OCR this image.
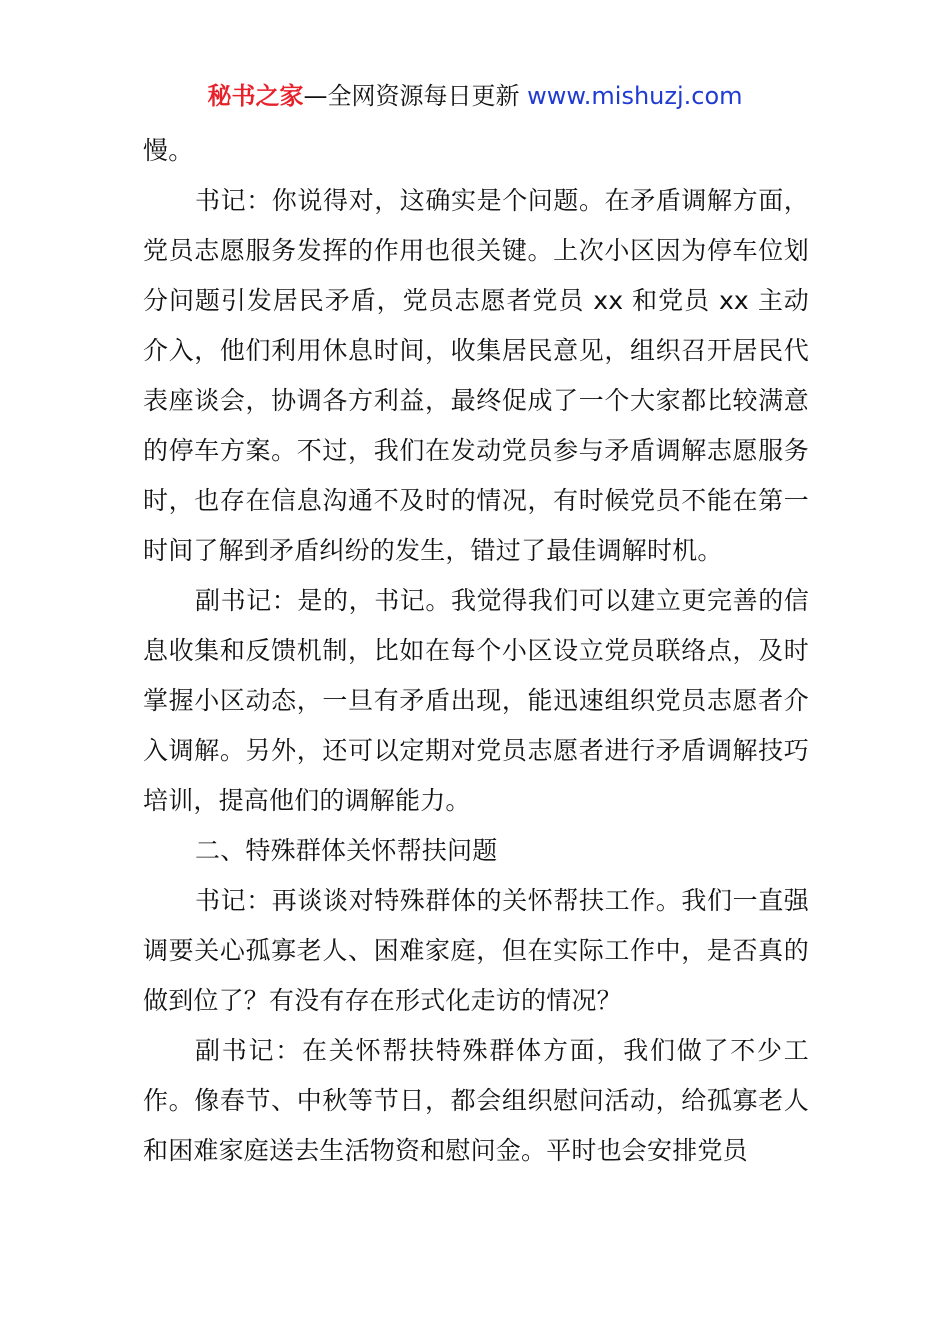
秘书之家—全网资源每日更新 www.mishuzj.com

慢。

书记：你说得对，这确实是个问题。在矛盾调解方面，党员志愿服务发挥的作用也很关键。上次小区因为停车位划分问题引发居民矛盾，党员志愿者党员 xx 和党员 xx 主动介入，他们利用休息时间，收集居民意见，组织召开居民代表座谈会，协调各方利益，最终促成了一个大家都比较满意的停车方案。不过，我们在发动党员参与矛盾调解志愿服务时，也存在信息沟通不及时的情况，有时候党员不能在第一时间了解到矛盾纠纷的发生，错过了最佳调解时机。

副书记：是的，书记。我觉得我们可以建立更完善的信息收集和反馈机制，比如在每个小区设立党员联络点，及时掌握小区动态，一旦有矛盾出现，能迅速组织党员志愿者介入调解。另外，还可以定期对党员志愿者进行矛盾调解技巧培训，提高他们的调解能力。

二、特殊群体关怀帮扶问题

书记：再谈谈对特殊群体的关怀帮扶工作。我们一直强调要关心孤寡老人、困难家庭，但在实际工作中，是否真的做到位了？有没有存在形式化走访的情况？

副书记：在关怀帮扶特殊群体方面，我们做了不少工作。像春节、中秋等节日，都会组织慰问活动，给孤寡老人和困难家庭送去生活物资和慰问金。平时也会安排党员
